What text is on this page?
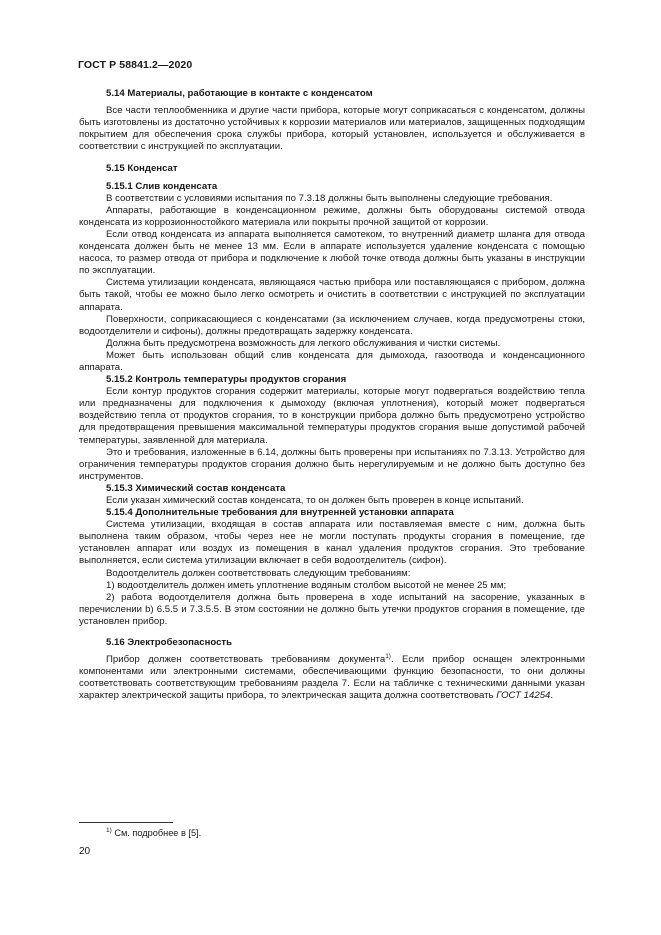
ГОСТ Р 58841.2—2020

5.14 Материалы, работающие в контакте с конденсатом

Все части теплообменника и другие части прибора, которые могут соприкасаться с конденсатом, должны быть изготовлены из достаточно устойчивых к коррозии материалов или материалов, защищенных подходящим покрытием для обеспечения срока службы прибора, который установлен, используется и обслуживается в соответствии с инструкцией по эксплуатации.

5.15 Конденсат

5.15.1 Слив конденсата

В соответствии с условиями испытания по 7.3.18 должны быть выполнены следующие требования.

Аппараты, работающие в конденсационном режиме, должны быть оборудованы системой отвода конденсата из коррозионностойкого материала или покрыты прочной защитой от коррозии.

Если отвод конденсата из аппарата выполняется самотеком, то внутренний диаметр шланга для отвода конденсата должен быть не менее 13 мм. Если в аппарате используется удаление конденсата с помощью насоса, то размер отвода от прибора и подключение к любой точке отвода должны быть указаны в инструкции по эксплуатации.

Система утилизации конденсата, являющаяся частью прибора или поставляющаяся с прибором, должна быть такой, чтобы ее можно было легко осмотреть и очистить в соответствии с инструкцией по эксплуатации аппарата.

Поверхности, соприкасающиеся с конденсатами (за исключением случаев, когда предусмотрены стоки, водоотделители и сифоны), должны предотвращать задержку конденсата.

Должна быть предусмотрена возможность для легкого обслуживания и чистки системы.

Может быть использован общий слив конденсата для дымохода, газоотвода и конденсационного аппарата.

5.15.2 Контроль температуры продуктов сгорания

Если контур продуктов сгорания содержит материалы, которые могут подвергаться воздействию тепла или предназначены для подключения к дымоходу (включая уплотнения), который может подвергаться воздействию тепла от продуктов сгорания, то в конструкции прибора должно быть предусмотрено устройство для предотвращения превышения максимальной температуры продуктов сгорания выше допустимой рабочей температуры, заявленной для материала.

Это и требования, изложенные в 6.14, должны быть проверены при испытаниях по 7.3.13. Устройство для ограничения температуры продуктов сгорания должно быть нерегулируемым и не должно быть доступно без инструментов.

5.15.3 Химический состав конденсата

Если указан химический состав конденсата, то он должен быть проверен в конце испытаний.

5.15.4 Дополнительные требования для внутренней установки аппарата

Система утилизации, входящая в состав аппарата или поставляемая вместе с ним, должна быть выполнена таким образом, чтобы через нее не могли поступать продукты сгорания в помещение, где установлен аппарат или воздух из помещения в канал удаления продуктов сгорания. Это требование выполняется, если система утилизации включает в себя водоотделитель (сифон).

Водоотделитель должен соответствовать следующим требованиям:

1) водоотделитель должен иметь уплотнение водяным столбом высотой не менее 25 мм;

2) работа водоотделителя должна быть проверена в ходе испытаний на засорение, указанных в перечислении b) 6.5.5 и 7.3.5.5. В этом состоянии не должно быть утечки продуктов сгорания в помещение, где установлен прибор.

5.16 Электробезопасность

Прибор должен соответствовать требованиям документа$^{1)}$. Если прибор оснащен электронными компонентами или электронными системами, обеспечивающими функцию безопасности, то они должны соответствовать соответствующим требованиям раздела 7. Если на табличке с техническими данными указан характер электрической защиты прибора, то электрическая защита должна соответствовать ГОСТ 14254.

$^{1)}$ См. подробнее в [5].
20
